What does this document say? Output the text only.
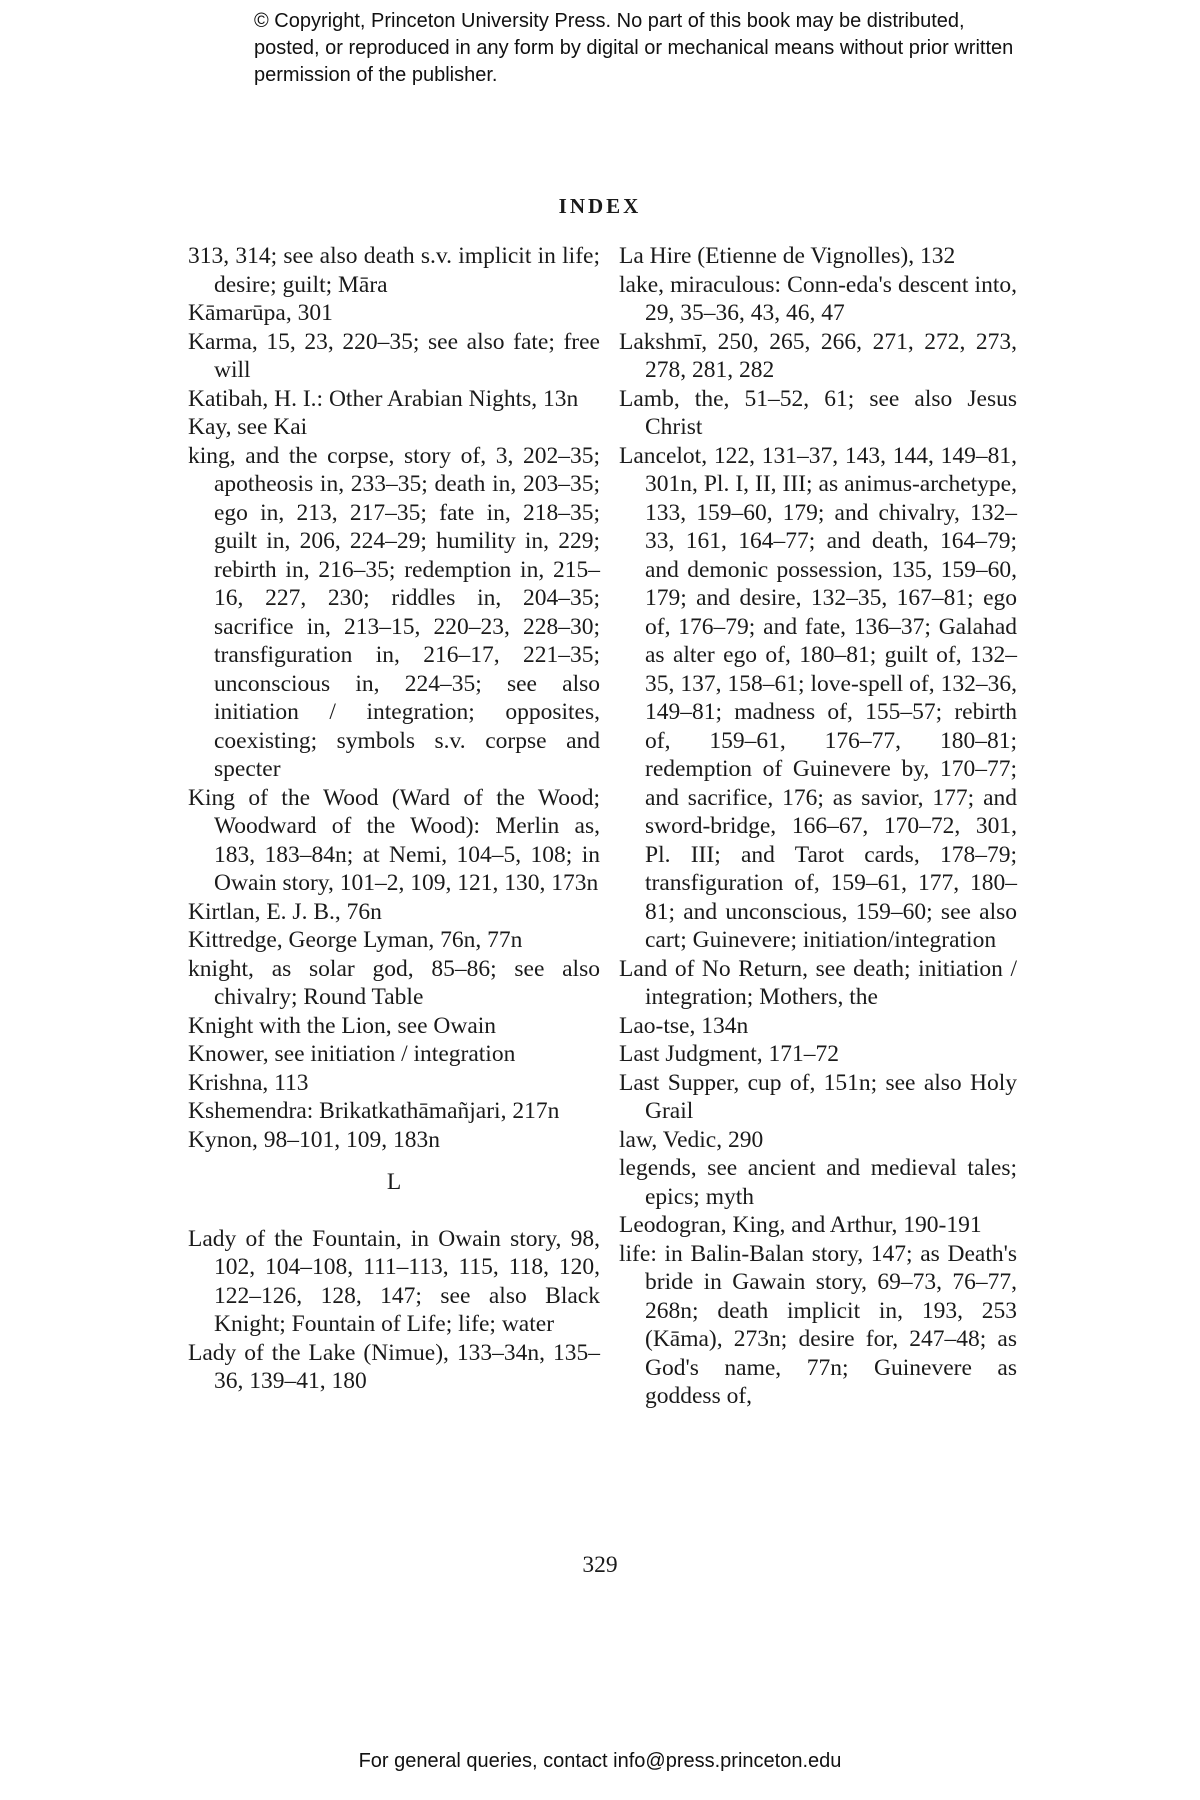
© Copyright, Princeton University Press. No part of this book may be distributed, posted, or reproduced in any form by digital or mechanical means without prior written permission of the publisher.
INDEX
313, 314; see also death s.v. implicit in life; desire; guilt; Māra
Kāmarūpa, 301
Karma, 15, 23, 220–35; see also fate; free will
Katibah, H. I.: Other Arabian Nights, 13n
Kay, see Kai
king, and the corpse, story of, 3, 202–35; apotheosis in, 233–35; death in, 203–35; ego in, 213, 217–35; fate in, 218–35; guilt in, 206, 224–29; humility in, 229; rebirth in, 216–35; redemption in, 215–16, 227, 230; riddles in, 204–35; sacrifice in, 213–15, 220–23, 228–30; transfiguration in, 216–17, 221–35; unconscious in, 224–35; see also initiation / integration; opposites, coexisting; symbols s.v. corpse and specter
King of the Wood (Ward of the Wood; Woodward of the Wood): Merlin as, 183, 183–84n; at Nemi, 104–5, 108; in Owain story, 101–2, 109, 121, 130, 173n
Kirtlan, E. J. B., 76n
Kittredge, George Lyman, 76n, 77n
knight, as solar god, 85–86; see also chivalry; Round Table
Knight with the Lion, see Owain
Knower, see initiation / integration
Krishna, 113
Kshemendra: Brikatkathāmañjari, 217n
Kynon, 98–101, 109, 183n
L
Lady of the Fountain, in Owain story, 98, 102, 104–108, 111–113, 115, 118, 120, 122–126, 128, 147; see also Black Knight; Fountain of Life; life; water
Lady of the Lake (Nimue), 133–34n, 135–36, 139–41, 180
La Hire (Etienne de Vignolles), 132
lake, miraculous: Conn-eda's descent into, 29, 35–36, 43, 46, 47
Lakshmī, 250, 265, 266, 271, 272, 273, 278, 281, 282
Lamb, the, 51–52, 61; see also Jesus Christ
Lancelot, 122, 131–37, 143, 144, 149–81, 301n, Pl. I, II, III; as animus-archetype, 133, 159–60, 179; and chivalry, 132–33, 161, 164–77; and death, 164–79; and demonic possession, 135, 159–60, 179; and desire, 132–35, 167–81; ego of, 176–79; and fate, 136–37; Galahad as alter ego of, 180–81; guilt of, 132–35, 137, 158–61; love-spell of, 132–36, 149–81; madness of, 155–57; rebirth of, 159–61, 176–77, 180–81; redemption of Guinevere by, 170–77; and sacrifice, 176; as savior, 177; and sword-bridge, 166–67, 170–72, 301, Pl. III; and Tarot cards, 178–79; transfiguration of, 159–61, 177, 180–81; and unconscious, 159–60; see also cart; Guinevere; initiation/integration
Land of No Return, see death; initiation / integration; Mothers, the
Lao-tse, 134n
Last Judgment, 171–72
Last Supper, cup of, 151n; see also Holy Grail
law, Vedic, 290
legends, see ancient and medieval tales; epics; myth
Leodogran, King, and Arthur, 190-191
life: in Balin-Balan story, 147; as Death's bride in Gawain story, 69–73, 76–77, 268n; death implicit in, 193, 253 (Kāma), 273n; desire for, 247–48; as God's name, 77n; Guinevere as goddess of,
329
For general queries, contact info@press.princeton.edu
